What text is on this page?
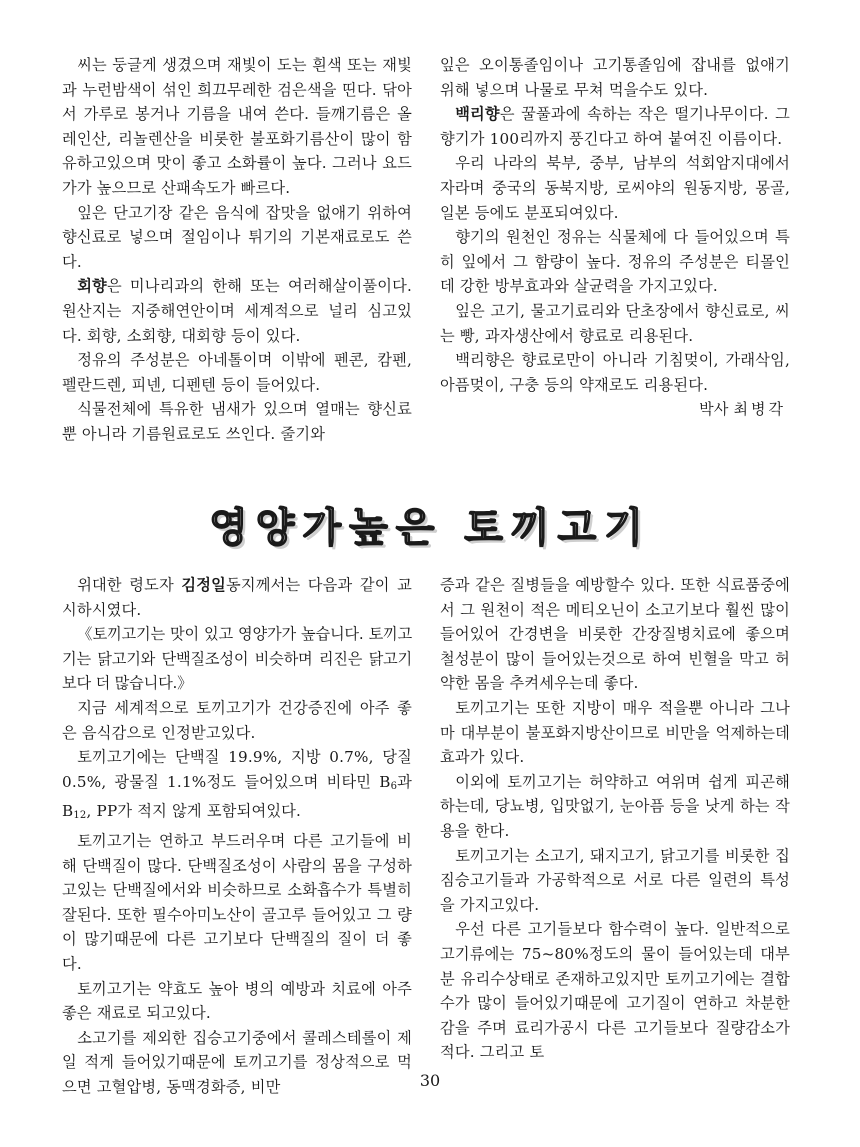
씨는 둥글게 생겼으며 재빛이 도는 흰색 또는 재빛과 누런밤색이 섞인 희끄무레한 검은색을 띤다. 닦아서 가루로 봉거나 기름을 내여 쓴다. 들깨기름은 올레인산, 리놀렌산을 비롯한 불포화기름산이 많이 함유하고있으며 맛이 좋고 소화률이 높다. 그러나 요드가가 높으므로 산패속도가 빠르다.

잎은 단고기장 같은 음식에 잡맛을 없애기 위하여 향신료로 넣으며 절임이나 튀기의 기본재료로도 쓴다.

회향은 미나리과의 한해 또는 여러해살이풀이다. 원산지는 지중해연안이며 세계적으로 널리 심고있다. 회향, 소회향, 대회향 등이 있다.

정유의 주성분은 아네톨이며 이밖에 펜콘, 캄펜, 펠란드렌, 피넨, 디펜텐 등이 들어있다.

식물전체에 특유한 냄새가 있으며 열매는 향신료뿐 아니라 기름원료로도 쓰인다. 줄기와

잎은 오이통졸임이나 고기통졸임에 잡내를 없애기 위해 넣으며 나물로 무쳐 먹을수도 있다.

백리향은 꿀풀과에 속하는 작은 떨기나무이다. 그 향기가 100리까지 풍긴다고 하여 붙여진 이름이다.

우리 나라의 북부, 중부, 남부의 석회암지대에서 자라며 중국의 동북지방, 로씨야의 원동지방, 몽골, 일본 등에도 분포되여있다.

향기의 원천인 정유는 식물체에 다 들어있으며 특히 잎에서 그 함량이 높다. 정유의 주성분은 티몰인데 강한 방부효과와 살균력을 가지고있다.

잎은 고기, 물고기료리와 단초장에서 향신료로, 씨는 빵, 과자생산에서 향료로 리용된다.

백리향은 향료로만이 아니라 기침멎이, 가래삭임, 아픔멎이, 구충 등의 약재로도 리용된다.

박사 최병각

영양가높은 토끼고기

위대한 령도자 김정일동지께서는 다음과 같이 교시하시였다.

《토끼고기는 맛이 있고 영양가가 높습니다. 토끼고기는 닭고기와 단백질조성이 비슷하며 리진은 닭고기보다 더 많습니다.》

지금 세계적으로 토끼고기가 건강증진에 아주 좋은 음식감으로 인정받고있다.

토끼고기에는 단백질 19.9%, 지방 0.7%, 당질 0.5%, 광물질 1.1%정도 들어있으며 비타민 $B_6$과 $B_{12}$, PP가 적지 않게 포함되여있다.

토끼고기는 연하고 부드러우며 다른 고기들에 비해 단백질이 많다. 단백질조성이 사람의 몸을 구성하고있는 단백질에서와 비슷하므로 소화흡수가 특별히 잘된다. 또한 필수아미노산이 골고루 들어있고 그 량이 많기때문에 다른 고기보다 단백질의 질이 더 좋다.

토끼고기는 약효도 높아 병의 예방과 치료에 아주 좋은 재료로 되고있다.

소고기를 제외한 집승고기중에서 콜레스테롤이 제일 적게 들어있기때문에 토끼고기를 정상적으로 먹으면 고혈압병, 동맥경화증, 비만

증과 같은 질병들을 예방할수 있다. 또한 식료품중에서 그 원천이 적은 메티오닌이 소고기보다 훨씬 많이 들어있어 간경변을 비롯한 간장질병치료에 좋으며 철성분이 많이 들어있는것으로 하여 빈혈을 막고 허약한 몸을 추켜세우는데 좋다.

토끼고기는 또한 지방이 매우 적을뿐 아니라 그나마 대부분이 불포화지방산이므로 비만을 억제하는데 효과가 있다.

이외에 토끼고기는 허약하고 여위며 쉽게 피곤해하는데, 당뇨병, 입맛없기, 눈아픔 등을 낫게 하는 작용을 한다.

토끼고기는 소고기, 돼지고기, 닭고기를 비롯한 집짐승고기들과 가공학적으로 서로 다른 일련의 특성을 가지고있다.

우선 다른 고기들보다 함수력이 높다. 일반적으로 고기류에는 75~80%정도의 물이 들어있는데 대부분 유리수상태로 존재하고있지만 토끼고기에는 결합수가 많이 들어있기때문에 고기질이 연하고 차분한 감을 주며 료리가공시 다른 고기들보다 질량감소가 적다. 그리고 토

30
